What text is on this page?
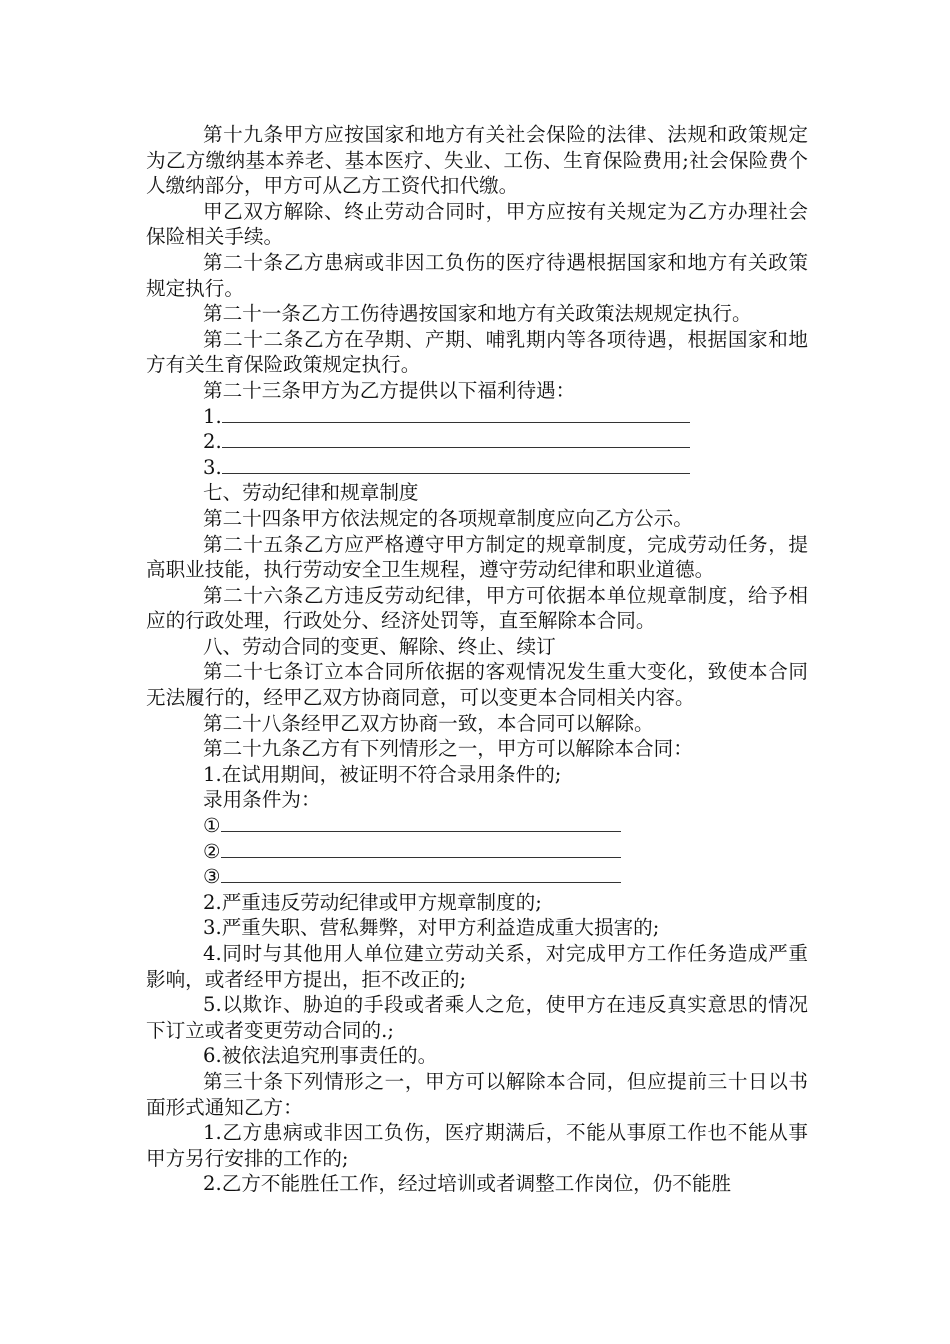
第十九条甲方应按国家和地方有关社会保险的法律、法规和政策规定为乙方缴纳基本养老、基本医疗、失业、工伤、生育保险费用;社会保险费个人缴纳部分，甲方可从乙方工资代扣代缴。

甲乙双方解除、终止劳动合同时，甲方应按有关规定为乙方办理社会保险相关手续。

第二十条乙方患病或非因工负伤的医疗待遇根据国家和地方有关政策规定执行。

第二十一条乙方工伤待遇按国家和地方有关政策法规规定执行。

第二十二条乙方在孕期、产期、哺乳期内等各项待遇，根据国家和地方有关生育保险政策规定执行。

第二十三条甲方为乙方提供以下福利待遇：

1.

2.

3.

七、劳动纪律和规章制度

第二十四条甲方依法规定的各项规章制度应向乙方公示。

第二十五条乙方应严格遵守甲方制定的规章制度，完成劳动任务，提高职业技能，执行劳动安全卫生规程，遵守劳动纪律和职业道德。

第二十六条乙方违反劳动纪律，甲方可依据本单位规章制度，给予相应的行政处理，行政处分、经济处罚等，直至解除本合同。

八、劳动合同的变更、解除、终止、续订

第二十七条订立本合同所依据的客观情况发生重大变化，致使本合同无法履行的，经甲乙双方协商同意，可以变更本合同相关内容。

第二十八条经甲乙双方协商一致，本合同可以解除。

第二十九条乙方有下列情形之一，甲方可以解除本合同：

1.在试用期间，被证明不符合录用条件的;

录用条件为：

①

②

③

2.严重违反劳动纪律或甲方规章制度的;

3.严重失职、营私舞弊，对甲方利益造成重大损害的;

4.同时与其他用人单位建立劳动关系，对完成甲方工作任务造成严重影响，或者经甲方提出，拒不改正的;

5.以欺诈、胁迫的手段或者乘人之危，使甲方在违反真实意思的情况下订立或者变更劳动合同的.;

6.被依法追究刑事责任的。

第三十条下列情形之一，甲方可以解除本合同，但应提前三十日以书面形式通知乙方：

1.乙方患病或非因工负伤，医疗期满后，不能从事原工作也不能从事甲方另行安排的工作的;

2.乙方不能胜任工作，经过培训或者调整工作岗位，仍不能胜
